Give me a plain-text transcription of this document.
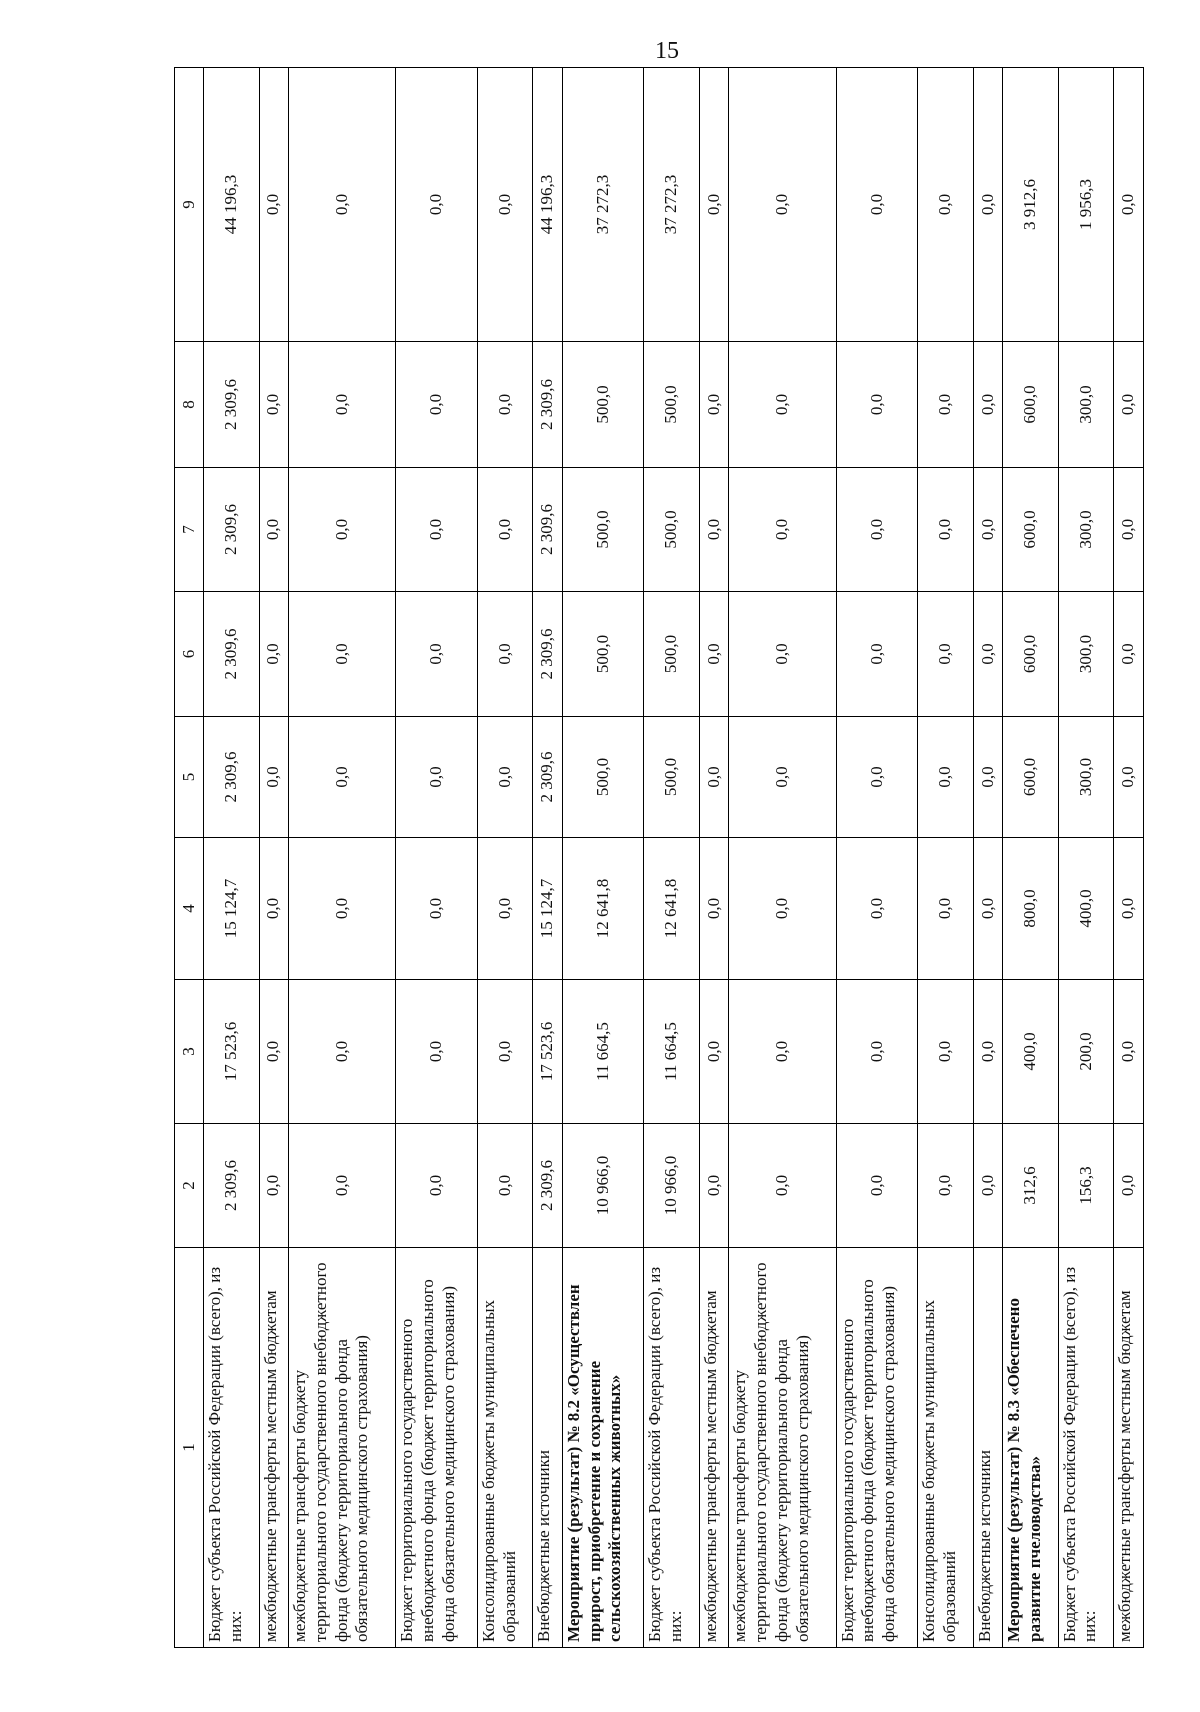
15
1	2	3	4	5	6	7	8	9
Бюджет субъекта Российской Федерации (всего), из них:	2 309,6	17 523,6	15 124,7	2 309,6	2 309,6	2 309,6	2 309,6	44 196,3
межбюджетные трансферты местным бюджетам	0,0	0,0	0,0	0,0	0,0	0,0	0,0	0,0
межбюджетные трансферты бюджету территориального государственного внебюджетного фонда (бюджету территориального фонда обязательного медицинского страхования)	0,0	0,0	0,0	0,0	0,0	0,0	0,0	0,0
Бюджет территориального государственного внебюджетного фонда (бюджет территориального фонда обязательного медицинского страхования)	0,0	0,0	0,0	0,0	0,0	0,0	0,0	0,0
Консолидированные бюджеты муниципальных образований	0,0	0,0	0,0	0,0	0,0	0,0	0,0	0,0
Внебюджетные источники	2 309,6	17 523,6	15 124,7	2 309,6	2 309,6	2 309,6	2 309,6	44 196,3
Мероприятие (результат) № 8.2 «Осуществлен прирост, приобретение и сохранение сельскохозяйственных животных»	10 966,0	11 664,5	12 641,8	500,0	500,0	500,0	500,0	37 272,3
Бюджет субъекта Российской Федерации (всего), из них:	10 966,0	11 664,5	12 641,8	500,0	500,0	500,0	500,0	37 272,3
межбюджетные трансферты местным бюджетам	0,0	0,0	0,0	0,0	0,0	0,0	0,0	0,0
межбюджетные трансферты бюджету территориального государственного внебюджетного фонда (бюджету территориального фонда обязательного медицинского страхования)	0,0	0,0	0,0	0,0	0,0	0,0	0,0	0,0
Бюджет территориального государственного внебюджетного фонда (бюджет территориального фонда обязательного медицинского страхования)	0,0	0,0	0,0	0,0	0,0	0,0	0,0	0,0
Консолидированные бюджеты муниципальных образований	0,0	0,0	0,0	0,0	0,0	0,0	0,0	0,0
Внебюджетные источники	0,0	0,0	0,0	0,0	0,0	0,0	0,0	0,0
Мероприятие (результат) № 8.3 «Обеспечено развитие пчеловодства»	312,6	400,0	800,0	600,0	600,0	600,0	600,0	3 912,6
Бюджет субъекта Российской Федерации (всего), из них:	156,3	200,0	400,0	300,0	300,0	300,0	300,0	1 956,3
межбюджетные трансферты местным бюджетам	0,0	0,0	0,0	0,0	0,0	0,0	0,0	0,0
